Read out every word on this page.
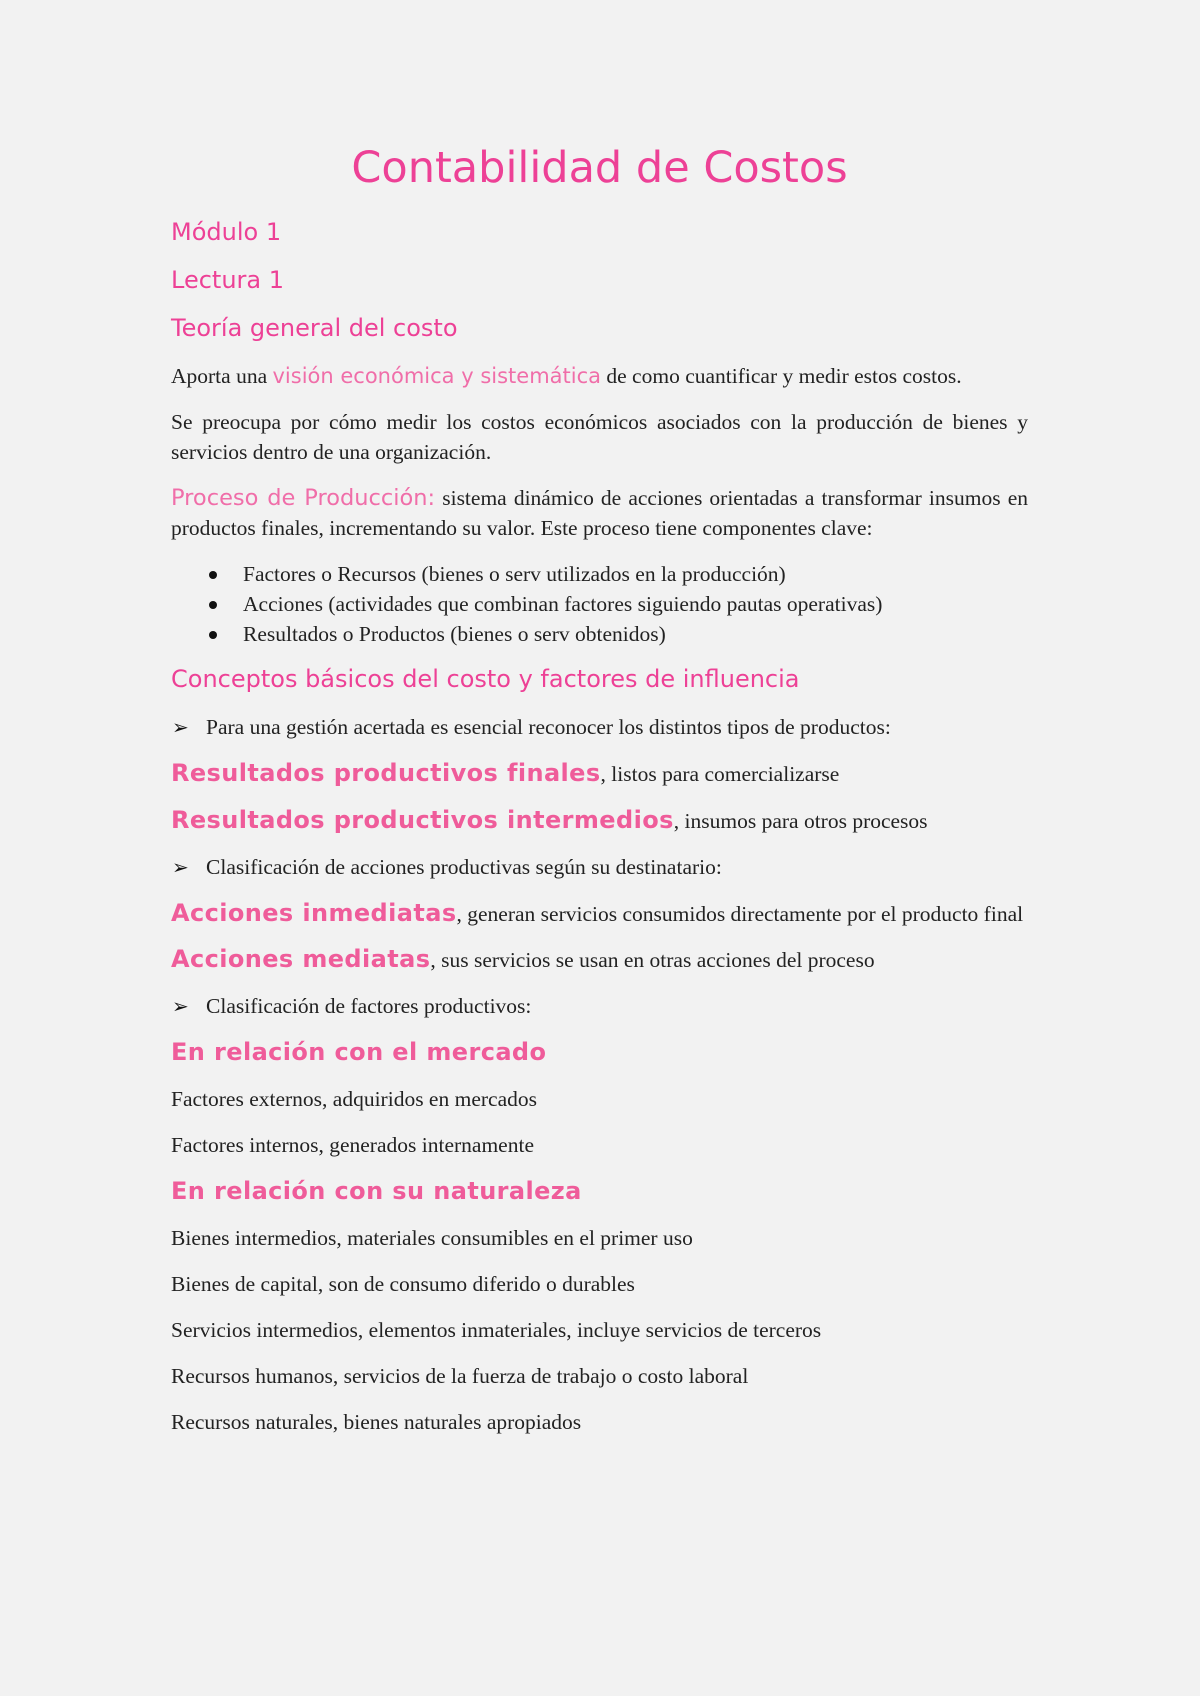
Contabilidad de Costos
Módulo 1
Lectura 1
Teoría general del costo

Aporta una visión económica y sistemática de como cuantificar y medir estos costos.

Se preocupa por cómo medir los costos económicos asociados con la producción de bienes y servicios dentro de una organización.

Proceso de Producción: sistema dinámico de acciones orientadas a transformar insumos en productos finales, incrementando su valor. Este proceso tiene componentes clave:

Factores o Recursos (bienes o serv utilizados en la producción)
Acciones (actividades que combinan factores siguiendo pautas operativas)
Resultados o Productos (bienes o serv obtenidos)
Conceptos básicos del costo y factores de influencia
➢ Para una gestión acertada es esencial reconocer los distintos tipos de productos:
Resultados productivos finales, listos para comercializarse
Resultados productivos intermedios, insumos para otros procesos
➢ Clasificación de acciones productivas según su destinatario:

Acciones inmediatas, generan servicios consumidos directamente por el producto final

Acciones mediatas, sus servicios se usan en otras acciones del proceso
➢ Clasificación de factores productivos:
En relación con el mercado
Factores externos, adquiridos en mercados
Factores internos, generados internamente
En relación con su naturaleza
Bienes intermedios, materiales consumibles en el primer uso
Bienes de capital, son de consumo diferido o durables
Servicios intermedios, elementos inmateriales, incluye servicios de terceros
Recursos humanos, servicios de la fuerza de trabajo o costo laboral
Recursos naturales, bienes naturales apropiados
